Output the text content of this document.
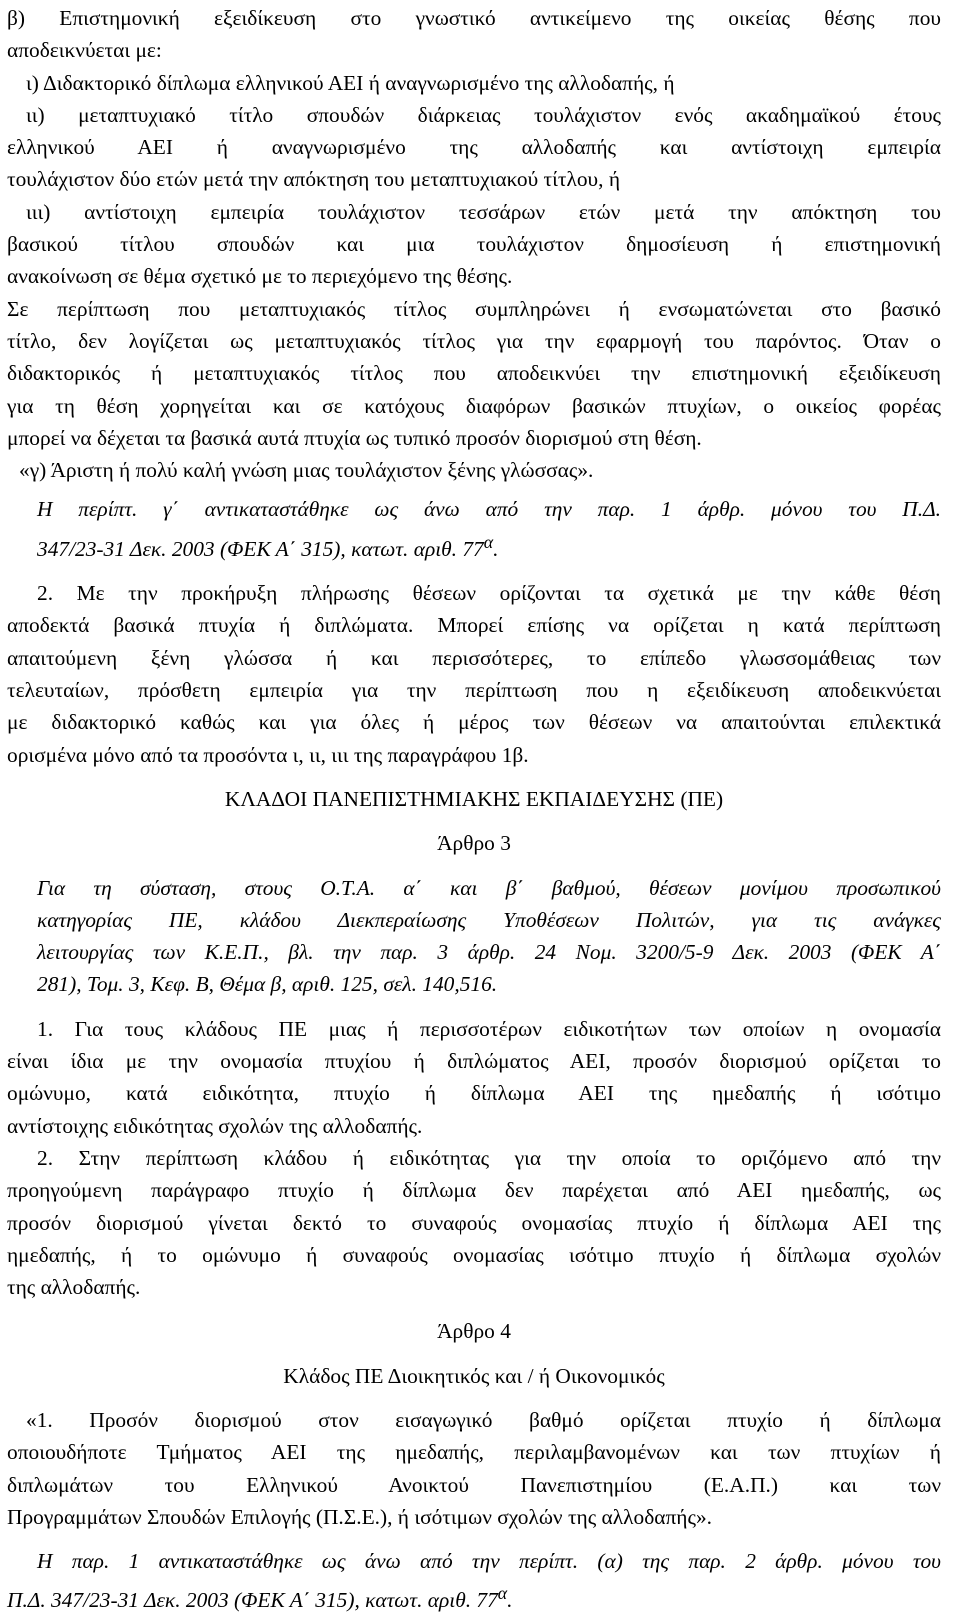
β) Επιστημονική εξειδίκευση στο γνωστικό αντικείμενο της οικείας θέσης που

αποδεικνύεται με:

ι) Διδακτορικό δίπλωμα ελληνικού ΑΕΙ ή αναγνωρισμένο της αλλοδαπής, ή

ιι) μεταπτυχιακό τίτλο σπουδών διάρκειας τουλάχιστον ενός ακαδημαϊκού έτους

ελληνικού ΑΕΙ ή αναγνωρισμένο της αλλοδαπής και αντίστοιχη εμπειρία

τουλάχιστον δύο ετών μετά την απόκτηση του μεταπτυχιακού τίτλου, ή

ιιι) αντίστοιχη εμπειρία τουλάχιστον τεσσάρων ετών μετά την απόκτηση του

βασικού τίτλου σπουδών και μια τουλάχιστον δημοσίευση ή επιστημονική

ανακοίνωση σε θέμα σχετικό με το περιεχόμενο της θέσης.

Σε περίπτωση που μεταπτυχιακός τίτλος συμπληρώνει ή ενσωματώνεται στο βασικό

τίτλο, δεν λογίζεται ως μεταπτυχιακός τίτλος για την εφαρμογή του παρόντος. Όταν ο

διδακτορικός ή μεταπτυχιακός τίτλος που αποδεικνύει την επιστημονική εξειδίκευση

για τη θέση χορηγείται και σε κατόχους διαφόρων βασικών πτυχίων, ο οικείος φορέας

μπορεί να δέχεται τα βασικά αυτά πτυχία ως τυπικό προσόν διορισμού στη θέση.

«γ) Άριστη ή πολύ καλή γνώση μιας τουλάχιστον ξένης γλώσσας».

Η περίπτ. γ΄ αντικαταστάθηκε ως άνω από την παρ. 1 άρθρ. μόνου του Π.Δ.

347/23-31 Δεκ. 2003 (ΦΕΚ Α΄ 315), κατωτ. αριθ. $77^\alpha$.

2. Με την προκήρυξη πλήρωσης θέσεων ορίζονται τα σχετικά με την κάθε θέση

αποδεκτά βασικά πτυχία ή διπλώματα. Μπορεί επίσης να ορίζεται η κατά περίπτωση

απαιτούμενη ξένη γλώσσα ή και περισσότερες, το επίπεδο γλωσσομάθειας των

τελευταίων, πρόσθετη εμπειρία για την περίπτωση που η εξειδίκευση αποδεικνύεται

με διδακτορικό καθώς και για όλες ή μέρος των θέσεων να απαιτούνται επιλεκτικά

ορισμένα μόνο από τα προσόντα ι, ιι, ιιι της παραγράφου 1β.

ΚΛΑΔΟΙ ΠΑΝΕΠΙΣΤΗΜΙΑΚΗΣ ΕΚΠΑΙΔΕΥΣΗΣ (ΠΕ)

Άρθρο 3

Για τη σύσταση, στους Ο.Τ.Α. α΄ και β΄ βαθμού, θέσεων μονίμου προσωπικού

κατηγορίας ΠΕ, κλάδου Διεκπεραίωσης Υποθέσεων Πολιτών, για τις ανάγκες

λειτουργίας των Κ.Ε.Π., βλ. την παρ. 3 άρθρ. 24 Νομ. 3200/5-9 Δεκ. 2003 (ΦΕΚ Α΄

281), Τομ. 3, Κεφ. Β, Θέμα β, αριθ. 125, σελ. 140,516.

1. Για τους κλάδους ΠΕ μιας ή περισσοτέρων ειδικοτήτων των οποίων η ονομασία

είναι ίδια με την ονομασία πτυχίου ή διπλώματος ΑΕΙ, προσόν διορισμού ορίζεται το

ομώνυμο, κατά ειδικότητα, πτυχίο ή δίπλωμα ΑΕΙ της ημεδαπής ή ισότιμο

αντίστοιχης ειδικότητας σχολών της αλλοδαπής.

2. Στην περίπτωση κλάδου ή ειδικότητας για την οποία το οριζόμενο από την

προηγούμενη παράγραφο πτυχίο ή δίπλωμα δεν παρέχεται από ΑΕΙ ημεδαπής, ως

προσόν διορισμού γίνεται δεκτό το συναφούς ονομασίας πτυχίο ή δίπλωμα ΑΕΙ της

ημεδαπής, ή το ομώνυμο ή συναφούς ονομασίας ισότιμο πτυχίο ή δίπλωμα σχολών

της αλλοδαπής.

Άρθρο 4

Κλάδος ΠΕ Διοικητικός και / ή Οικονομικός

«1. Προσόν διορισμού στον εισαγωγικό βαθμό ορίζεται πτυχίο ή δίπλωμα

οποιουδήποτε Τμήματος ΑΕΙ της ημεδαπής, περιλαμβανομένων και των πτυχίων ή

διπλωμάτων του Ελληνικού Ανοικτού Πανεπιστημίου (Ε.Α.Π.) και των

Προγραμμάτων Σπουδών Επιλογής (Π.Σ.Ε.), ή ισότιμων σχολών της αλλοδαπής».

Η παρ. 1 αντικαταστάθηκε ως άνω από την περίπτ. (α) της παρ. 2 άρθρ. μόνου του

Π.Δ. 347/23-31 Δεκ. 2003 (ΦΕΚ Α΄ 315), κατωτ. αριθ. $77^\alpha$.
